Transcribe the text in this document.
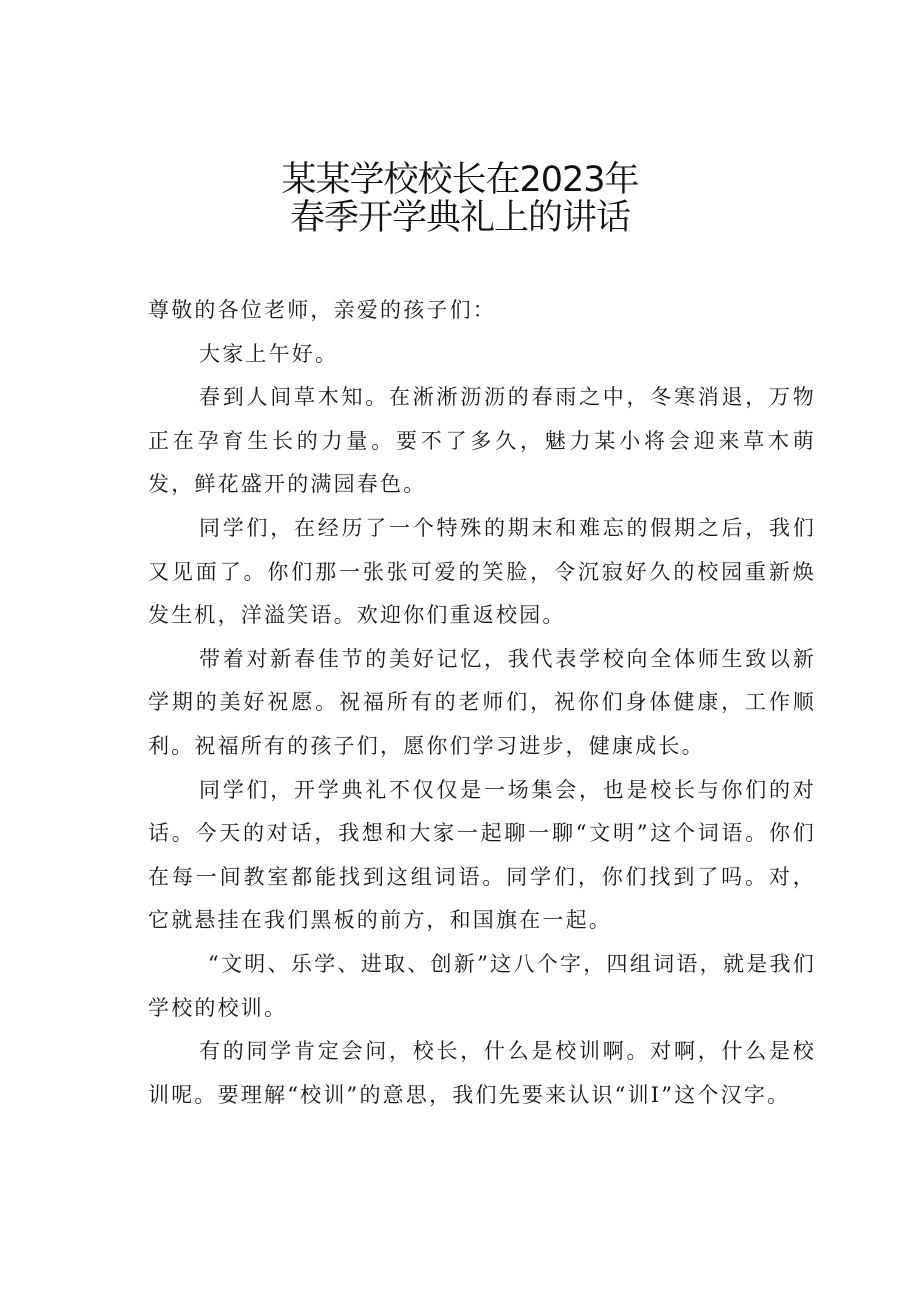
某某学校校长在2023年
春季开学典礼上的讲话

尊敬的各位老师，亲爱的孩子们：

大家上午好。

春到人间草木知。在淅淅沥沥的春雨之中，冬寒消退，万物正在孕育生长的力量。要不了多久，魅力某小将会迎来草木萌发，鲜花盛开的满园春色。

同学们，在经历了一个特殊的期末和难忘的假期之后，我们又见面了。你们那一张张可爱的笑脸，令沉寂好久的校园重新焕发生机，洋溢笑语。欢迎你们重返校园。

带着对新春佳节的美好记忆，我代表学校向全体师生致以新学期的美好祝愿。祝福所有的老师们，祝你们身体健康，工作顺利。祝福所有的孩子们，愿你们学习进步，健康成长。

同学们，开学典礼不仅仅是一场集会，也是校长与你们的对话。今天的对话，我想和大家一起聊一聊“文明”这个词语。你们在每一间教室都能找到这组词语。同学们，你们找到了吗。对，它就悬挂在我们黑板的前方，和国旗在一起。

“文明、乐学、进取、创新”这八个字，四组词语，就是我们学校的校训。

有的同学肯定会问，校长，什么是校训啊。对啊，什么是校训呢。要理解“校训”的意思，我们先要来认识“训I”这个汉字。
